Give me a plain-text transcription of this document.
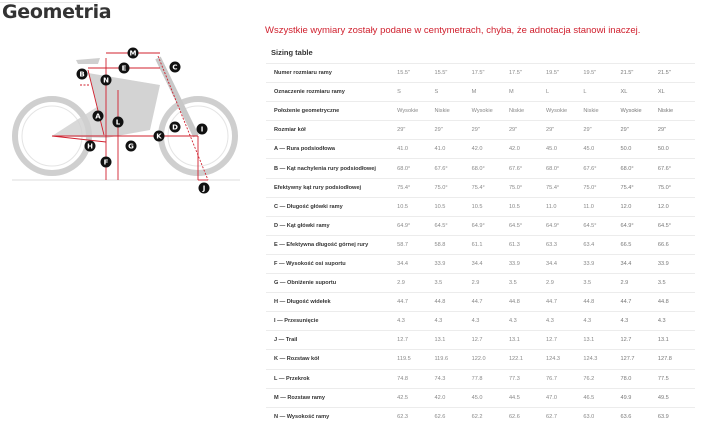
Geometria
M
E	C
B
N
A
L
D	I
K
H	G
F
J
Wszystkie wymiary zostały podane w centymetrach, chyba, że adnotacja stanowi inaczej.
Sizing table
Numer rozmiaru ramy	15.5"	15.5"	17.5"	17.5"	19.5"	19.5"	21.5"	21.5"
Oznaczenie rozmiaru ramy	S	S	M	M	L	L	XL	XL
Położenie geometryczne	Wysokie	Niskie	Wysokie	Niskie	Wysokie	Niskie	Wysokie	Niskie
Rozmiar kół	29"	29"	29"	29"	29"	29"	29"	29"
A — Rura podsiodłowa	41.0	41.0	42.0	42.0	45.0	45.0	50.0	50.0
B — Kąt nachylenia rury podsiodłowej	68.0°	67.6°	68.0°	67.6°	68.0°	67.6°	68.0°	67.6°
Efektywny kąt rury podsiodłowej	75.4°	75.0°	75.4°	75.0°	75.4°	75.0°	75.4°	75.0°
C — Długość główki ramy	10.5	10.5	10.5	10.5	11.0	11.0	12.0	12.0
D — Kąt główki ramy	64.9°	64.5°	64.9°	64.5°	64.9°	64.5°	64.9°	64.5°
E — Efektywna długość górnej rury	58.7	58.8	61.1	61.3	63.3	63.4	66.5	66.6
F — Wysokość osi suportu	34.4	33.9	34.4	33.9	34.4	33.9	34.4	33.9
G — Obniżenie suportu	2.9	3.5	2.9	3.5	2.9	3.5	2.9	3.5
H — Długość widełek	44.7	44.8	44.7	44.8	44.7	44.8	44.7	44.8
I — Przesunięcie	4.3	4.3	4.3	4.3	4.3	4.3	4.3	4.3
J — Trail	12.7	13.1	12.7	13.1	12.7	13.1	12.7	13.1
K — Rozstaw kół	119.5	119.6	122.0	122.1	124.3	124.3	127.7	127.8
L — Przekrok	74.8	74.3	77.8	77.3	76.7	76.2	78.0	77.5
M — Rozstaw ramy	42.5	42.0	45.0	44.5	47.0	46.5	49.9	49.5
N — Wysokość ramy	62.3	62.6	62.2	62.6	62.7	63.0	63.6	63.9
